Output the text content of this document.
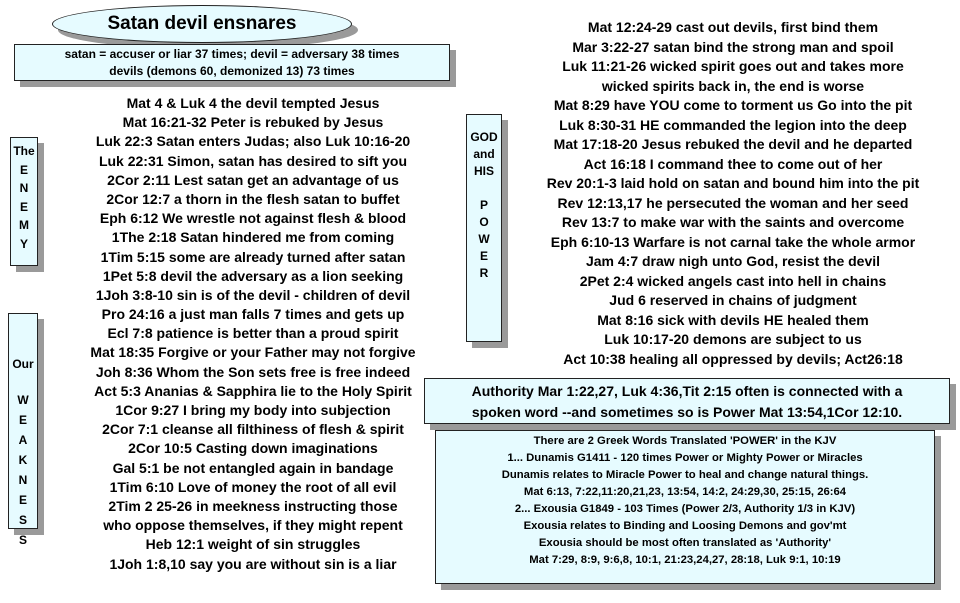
Satan devil ensnares
satan = accuser or liar 37 times; devil = adversary 38 times
devils (demons 60, demonized 13) 73 times
The
E
N
E
M
Y
Our
W
E
A
K
N
E
S
S
GOD
and
HIS
P
O
W
E
R
Mat 4 & Luk 4 the devil tempted Jesus
Mat 16:21-32 Peter is rebuked by Jesus
Luk 22:3 Satan enters Judas; also Luk 10:16-20
Luk 22:31 Simon, satan has desired to sift you
2Cor 2:11 Lest satan get an advantage of us
2Cor 12:7 a thorn in the flesh satan to buffet
Eph 6:12 We wrestle not against flesh & blood
1The 2:18 Satan hindered me from coming
1Tim 5:15 some are already turned after satan
1Pet 5:8 devil the adversary as a lion seeking
1Joh 3:8-10 sin is of the devil - children of devil
Pro 24:16 a just man falls 7 times and gets up
Ecl 7:8 patience is better than a proud spirit
Mat 18:35 Forgive or your Father may not forgive
Joh 8:36 Whom the Son sets free is free indeed
Act 5:3 Ananias & Sapphira lie to the Holy Spirit
1Cor 9:27 I bring my body into subjection
2Cor 7:1 cleanse all filthiness of flesh & spirit
2Cor 10:5 Casting down imaginations
Gal 5:1 be not entangled again in bandage
1Tim 6:10 Love of money the root of all evil
2Tim 2 25-26 in meekness instructing those
who oppose themselves, if they might repent
Heb 12:1 weight of sin struggles
1Joh 1:8,10 say you are without sin is a liar
Mat 12:24-29 cast out devils, first bind them
Mar 3:22-27 satan bind the strong man and spoil
Luk 11:21-26 wicked spirit goes out and takes more
wicked spirits back in, the end is worse
Mat 8:29 have YOU come to torment us Go into the pit
Luk 8:30-31 HE commanded the legion into the deep
Mat 17:18-20 Jesus rebuked the devil and he departed
Act 16:18 I command thee to come out of her
Rev 20:1-3 laid hold on satan and bound him into the pit
Rev 12:13,17 he persecuted the woman and her seed
Rev 13:7 to make war with the saints and overcome
Eph 6:10-13 Warfare is not carnal take the whole armor
Jam 4:7 draw nigh unto God, resist the devil
2Pet 2:4 wicked angels cast into hell in chains
Jud 6 reserved in chains of judgment
Mat 8:16 sick with devils HE healed them
Luk 10:17-20 demons are subject to us
Act 10:38 healing all oppressed by devils; Act26:18
Authority Mar 1:22,27, Luk 4:36,Tit 2:15 often is connected with a
spoken word --and sometimes so is Power Mat 13:54,1Cor 12:10.
There are 2 Greek Words Translated 'POWER' in the KJV
1... Dunamis G1411 - 120 times Power or Mighty Power or Miracles
Dunamis relates to Miracle Power to heal and change natural things.
Mat 6:13, 7:22,11:20,21,23, 13:54, 14:2, 24:29,30, 25:15, 26:64
2... Exousia G1849 - 103 Times (Power 2/3, Authority 1/3 in KJV)
Exousia relates to Binding and Loosing Demons and gov'mt
Exousia should be most often translated as 'Authority'
Mat 7:29, 8:9, 9:6,8, 10:1, 21:23,24,27, 28:18, Luk 9:1, 10:19
